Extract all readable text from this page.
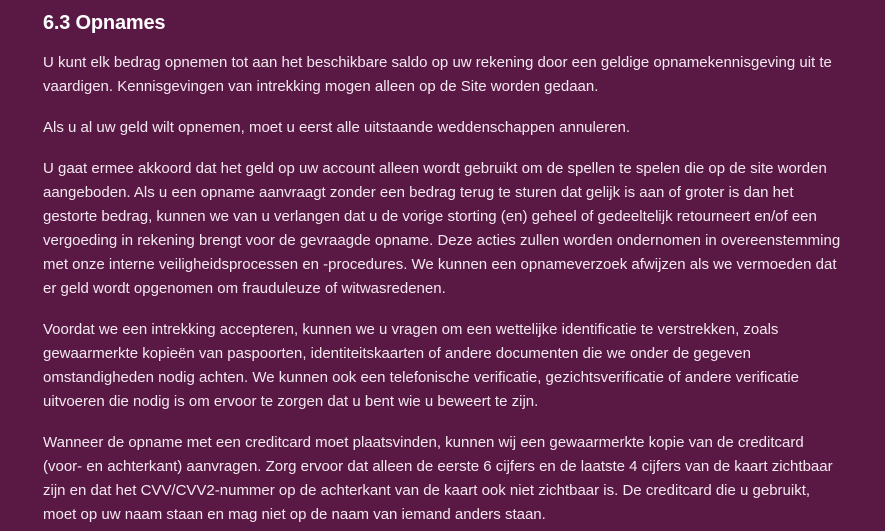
6.3 Opnames

U kunt elk bedrag opnemen tot aan het beschikbare saldo op uw rekening door een geldige opnamekennisgeving uit te vaardigen. Kennisgevingen van intrekking mogen alleen op de Site worden gedaan.

Als u al uw geld wilt opnemen, moet u eerst alle uitstaande weddenschappen annuleren.

U gaat ermee akkoord dat het geld op uw account alleen wordt gebruikt om de spellen te spelen die op de site worden aangeboden. Als u een opname aanvraagt zonder een bedrag terug te sturen dat gelijk is aan of groter is dan het gestorte bedrag, kunnen we van u verlangen dat u de vorige storting (en) geheel of gedeeltelijk retourneert en/of een vergoeding in rekening brengt voor de gevraagde opname. Deze acties zullen worden ondernomen in overeenstemming met onze interne veiligheidsprocessen en -procedures. We kunnen een opnameverzoek afwijzen als we vermoeden dat er geld wordt opgenomen om frauduleuze of witwasredenen.

Voordat we een intrekking accepteren, kunnen we u vragen om een wettelijke identificatie te verstrekken, zoals gewaarmerkte kopieën van paspoorten, identiteitskaarten of andere documenten die we onder de gegeven omstandigheden nodig achten. We kunnen ook een telefonische verificatie, gezichtsverificatie of andere verificatie uitvoeren die nodig is om ervoor te zorgen dat u bent wie u beweert te zijn.

Wanneer de opname met een creditcard moet plaatsvinden, kunnen wij een gewaarmerkte kopie van de creditcard (voor- en achterkant) aanvragen. Zorg ervoor dat alleen de eerste 6 cijfers en de laatste 4 cijfers van de kaart zichtbaar zijn en dat het CVV/CVV2-nummer op de achterkant van de kaart ook niet zichtbaar is. De creditcard die u gebruikt, moet op uw naam staan en mag niet op de naam van iemand anders staan.
